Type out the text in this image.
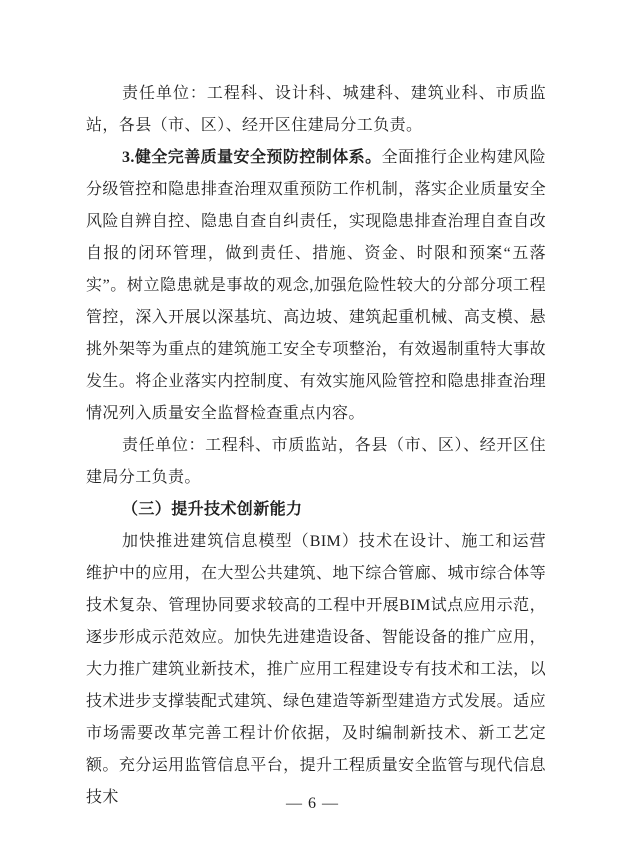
责任单位：工程科、设计科、城建科、建筑业科、市质监站，各县（市、区）、经开区住建局分工负责。

3.健全完善质量安全预防控制体系。全面推行企业构建风险分级管控和隐患排查治理双重预防工作机制，落实企业质量安全风险自辨自控、隐患自查自纠责任，实现隐患排查治理自查自改自报的闭环管理，做到责任、措施、资金、时限和预案“五落实”。树立隐患就是事故的观念,加强危险性较大的分部分项工程管控，深入开展以深基坑、高边坡、建筑起重机械、高支模、悬挑外架等为重点的建筑施工安全专项整治，有效遏制重特大事故发生。将企业落实内控制度、有效实施风险管控和隐患排查治理情况列入质量安全监督检查重点内容。

责任单位：工程科、市质监站，各县（市、区）、经开区住建局分工负责。

（三）提升技术创新能力

加快推进建筑信息模型（BIM）技术在设计、施工和运营维护中的应用，在大型公共建筑、地下综合管廊、城市综合体等技术复杂、管理协同要求较高的工程中开展BIM试点应用示范，逐步形成示范效应。加快先进建造设备、智能设备的推广应用，大力推广建筑业新技术，推广应用工程建设专有技术和工法，以技术进步支撑装配式建筑、绿色建造等新型建造方式发展。适应市场需要改革完善工程计价依据，及时编制新技术、新工艺定额。充分运用监管信息平台，提升工程质量安全监管与现代信息技术	— 6 —
